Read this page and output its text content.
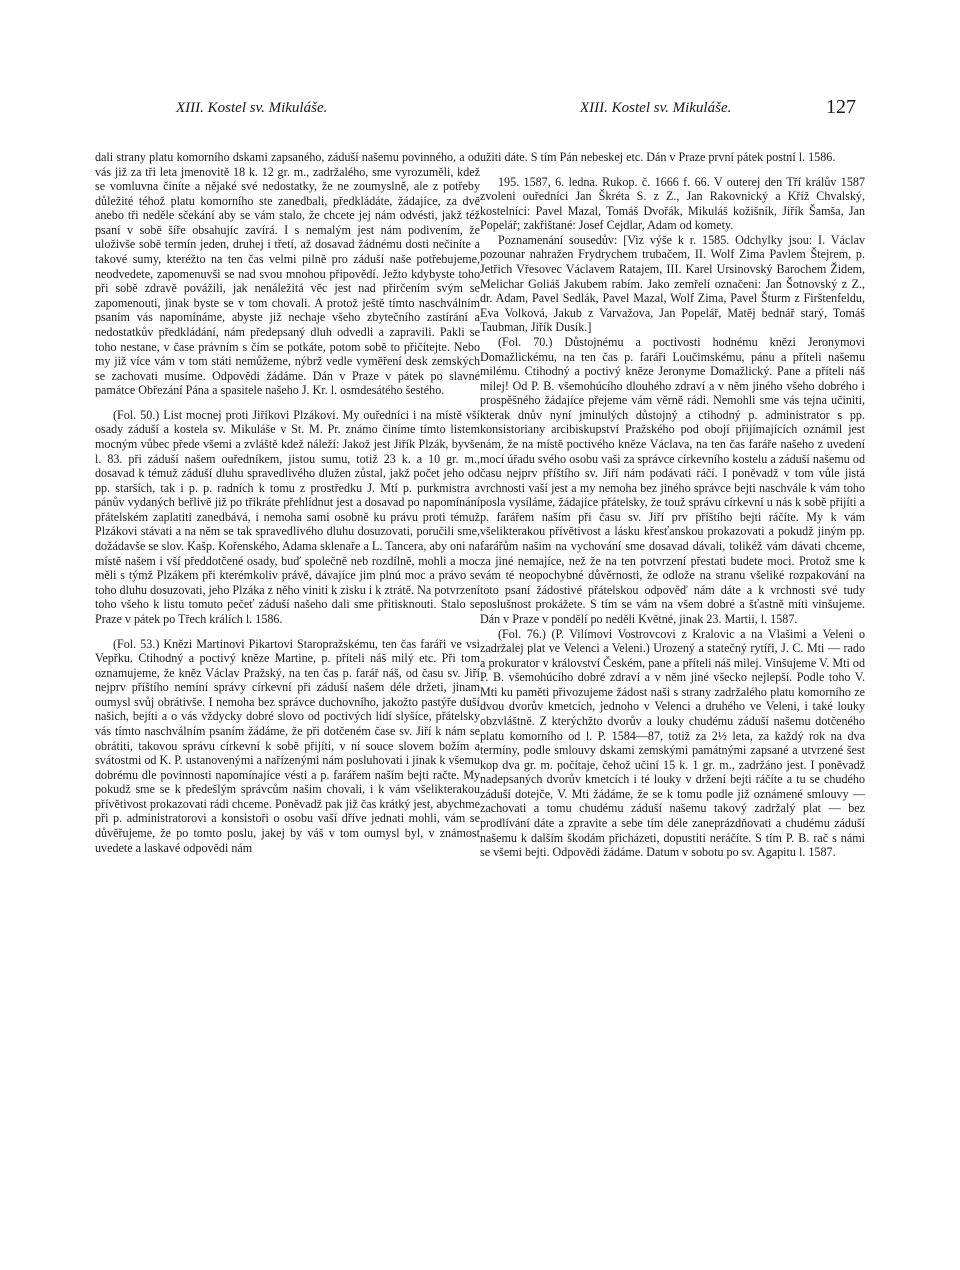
XIII. Kostel sv. Mikuláše.	XIII. Kostel sv. Mikuláše.	127

dali strany platu komorního dskami zapsaného, záduší našemu povinného, a od vás již za tři leta jmenovitě 18 k. 12 gr. m., zadržalého, sme vyrozuměli, kdež se vomluvna činíte a nějaké své nedostatky, že ne zoumyslně, ale z potřeby důležité téhož platu komorního ste zanedbali, předkládáte, žádajíce, za dvě anebo tři neděle sčekání aby se vám stalo, že chcete jej nám odvésti, jakž též psaní v sobě šíře obsahujíc zavírá. I s nemalým jest nám podivením, že uloživše sobě termín jeden, druhej i třetí, až dosavad žádnému dosti nečiníte a takové sumy, kteréžto na ten čas velmi pilně pro záduší naše potřebujeme, neodvedete, zapomenuvši se nad svou mnohou připovědí. Ježto kdybyste toho při sobě zdravě povážili, jak nenáležitá věc jest nad přirčením svým se zapomenouti, jinak byste se v tom chovali. A protož ještě tímto naschválním psaním vás napomínáme, abyste již nechaje všeho zbytečního zastírání a nedostatkův předkládání, nám předepsaný dluh odvedli a zapravili. Pakli se toho nestane, v čase právním s čím se potkáte, potom sobě to přičítejte. Nebo my již více vám v tom státi nemůžeme, nýbrž vedle vyměření desk zemských se zachovati musíme. Odpovědi žádáme. Dán v Praze v pátek po slavné památce Obřezání Pána a spasitele našeho J. Kr. l. osmdesátého šestého.

(Fol. 50.) List mocnej proti Jiříkovi Plzákovi. My ouředníci i na místě vší osady záduší a kostela sv. Mikuláše v St. M. Pr. známo činíme tímto listem mocným vůbec přede všemi a zvláště kdež náleží: Jakož jest Jiřík Plzák, byvše l. 83. při záduší našem ouředníkem, jistou sumu, totiž 23 k. a 10 gr. m., dosavad k témuž záduší dluhu spravedlivého dlužen zůstal, jakž počet jeho od pp. starších, tak i p. p. radních k tomu z prostředku J. Mtí p. purkmistra a pánův vydaných beřlivě již po třikráte přehlídnut jest a dosavad po napomínání přátelském zaplatiti zanedbává, i nemoha sami osobně ku právu proti témuž Plzákovi stávati a na něm se tak spravedlivého dluhu dosuzovati, poručili sme, dožádavše se slov. Kašp. Kořenského, Adama sklenaře a L. Tancera, aby oni na místě našem i vší předdotčené osady, buď společně neb rozdílně, mohli a moc měli s týmž Plzákem při kterémkoliv právě, dávajíce jim plnú moc a právo se toho dluhu dosuzovati, jeho Plzáka z něho viniti k zisku i k ztrátě. Na potvrzení toho všeho k listu tomuto pečeť záduší našeho dali sme přitisknouti. Stalo se Praze v pátek po Třech králích l. 1586.

(Fol. 53.) Knězi Martinovi Pikartovi Staropražskému, ten čas faráři ve vsi Vepřku. Ctihodný a poctivý kněze Martine, p. příteli náš milý etc. Při tom oznamujeme, že kněz Václav Pražský, na ten čas p. farář náš, od času sv. Jiří nejprv příštího nemíní správy církevní při záduší našem déle držeti, jinam oumysl svůj obrátivše. I nemoha bez správce duchovního, jakožto pastýře duší našich, bejíti a o vás vždycky dobré slovo od poctivých lidí slyšíce, přátelsky vás tímto naschválním psaním žádáme, že při dotčeném čase sv. Jiří k nám se obrátiti, takovou správu církevní k sobě přijíti, v ní souce slovem božím a svátostmi od K. P. ustanovenými a nařízenými nám posluhovati i jinak k všemu dobrému dle povinnosti napomínajíce vésti a p. farářem naším bejti račte. My pokudž sme se k předešlým správcům našim chovali, i k vám všelikterakou přívětivost prokazovati rádi chceme. Poněvadž pak již čas krátký jest, abychme při p. administratorovi a konsistoři o osobu vaší dříve jednati mohli, vám se důvěřujeme, že po tomto poslu, jakej by váš v tom oumysl byl, v známost uvedete a laskavé odpovědi nám

užiti dáte. S tím Pán nebeskej etc. Dán v Praze první pátek postní l. 1586.

195. 1587, 6. ledna. Rukop. č. 1666 f. 66. V outerej den Tří králův 1587 zvoleni ouředníci Jan Škréta S. z Z., Jan Rakovnický a Kříž Chvalský, kostelníci: Pavel Mazal, Tomáš Dvořák, Mikuláš kožišník, Jiřík Šamša, Jan Popelář; zakřištané: Josef Cejdlar, Adam od komety.

Poznamenání sousedův: [Viz výše k r. 1585. Odchylky jsou: I. Václav pozounar nahražen Frydrychem trubačem, II. Wolf Zima Pavlem Štejrem, p. Jetřich Vřesovec Václavem Ratajem, III. Karel Ursinovský Barochem Židem, Melichar Goliáš Jakubem rabím. Jako zemřelí označeni: Jan Šotnovský z Z., dr. Adam, Pavel Sedlák, Pavel Mazal, Wolf Zima, Pavel Šturm z Firštenfeldu, Eva Volková, Jakub z Varvažova, Jan Popelář, Matěj bednář starý, Tomáš Taubman, Jiřík Dusík.]

(Fol. 70.) Důstojnému a poctivosti hodnému knězi Jeronymovi Domažlickému, na ten čas p. faráři Loučimskému, pánu a příteli našemu milému. Ctihodný a poctivý kněze Jeronyme Domažlický. Pane a příteli náš milej! Od P. B. všemohúcího dlouhého zdraví a v něm jiného všeho dobrého i prospěšného žádajíce přejeme vám věrně rádi. Nemohli sme vás tejna učiniti, kterak dnův nyní jminulých důstojný a ctihodný p. administrator s pp. konsistoriany arcibiskupství Pražského pod obojí přijímajících oznámil jest nám, že na místě poctivého kněze Václava, na ten čas faráře našeho z uvedení mocí úřadu svého osobu vaši za správce církevního kostelu a záduší našemu od času nejprv příštího sv. Jiří nám podávati ráčí. I poněvadž v tom vůle jistá vrchnosti vaší jest a my nemoha bez jiného správce bejti naschvále k vám toho posla vysíláme, žádajíce přátelsky, že touž správu církevní u nás k sobě přijíti a p. farářem naším při času sv. Jiří prv příštího bejti ráčíte. My k vám všelikterakou přívětivost a lásku křesťanskou prokazovati a pokudž jiným pp. farářům našim na vychování sme dosavad dávali, tolikéž vám dávati chceme, za jiné nemajíce, než že na ten potvrzení přestati budete moci. Protož sme k vám té neopochybné důvěrnosti, že odlože na stranu všeliké rozpakování na toto psaní žádostivé přátelskou odpověď nám dáte a k vrchnosti své tudy poslušnost prokážete. S tím se vám na všem dobré a šťastně míti vinšujeme. Dán v Praze v pondělí po neděli Květné, jinak 23. Martii, l. 1587.

(Fol. 76.) (P. Vilímovi Vostrovcovi z Kralovic a na Vlašimi a Veleni o zadržalej plat ve Velenci a Veleni.) Urozený a statečný rytíři, J. C. Mti — rado a prokurator v království Českém, pane a příteli náš milej. Vinšujeme V. Mti od P. B. všemohúcího dobré zdraví a v něm jiné všecko nejlepší. Podle toho V. Mti ku paměti přivozujeme žádost naši s strany zadržalého platu komorního ze dvou dvorův kmetcích, jednoho v Velenci a druhého ve Veleni, i také louky obzvláštně. Z kterýchžto dvorův a louky chudému záduší našemu dotčeného platu komorního od l. P. 1584—87, totiž za 2½ leta, za každý rok na dva termíny, podle smlouvy dskami zemskými památnými zapsané a utvrzené šest kop dva gr. m. počítaje, čehož učiní 15 k. 1 gr. m., zadržáno jest. I poněvadž nadepsaných dvorův kmetcích i té louky v držení bejti ráčíte a tu se chudého záduší dotejče, V. Mti žádáme, že se k tomu podle již oznámené smlouvy — zachovati a tomu chudému záduší našemu takový zadržalý plat — bez prodlívání dáte a zpravite a sebe tím déle zaneprázdňovati a chudému záduší našemu k dalším škodám přicházeti, dopustiti neráčíte. S tím P. B. rač s námi se všemi bejti. Odpovědi žádáme. Datum v sobotu po sv. Agapitu l. 1587.
